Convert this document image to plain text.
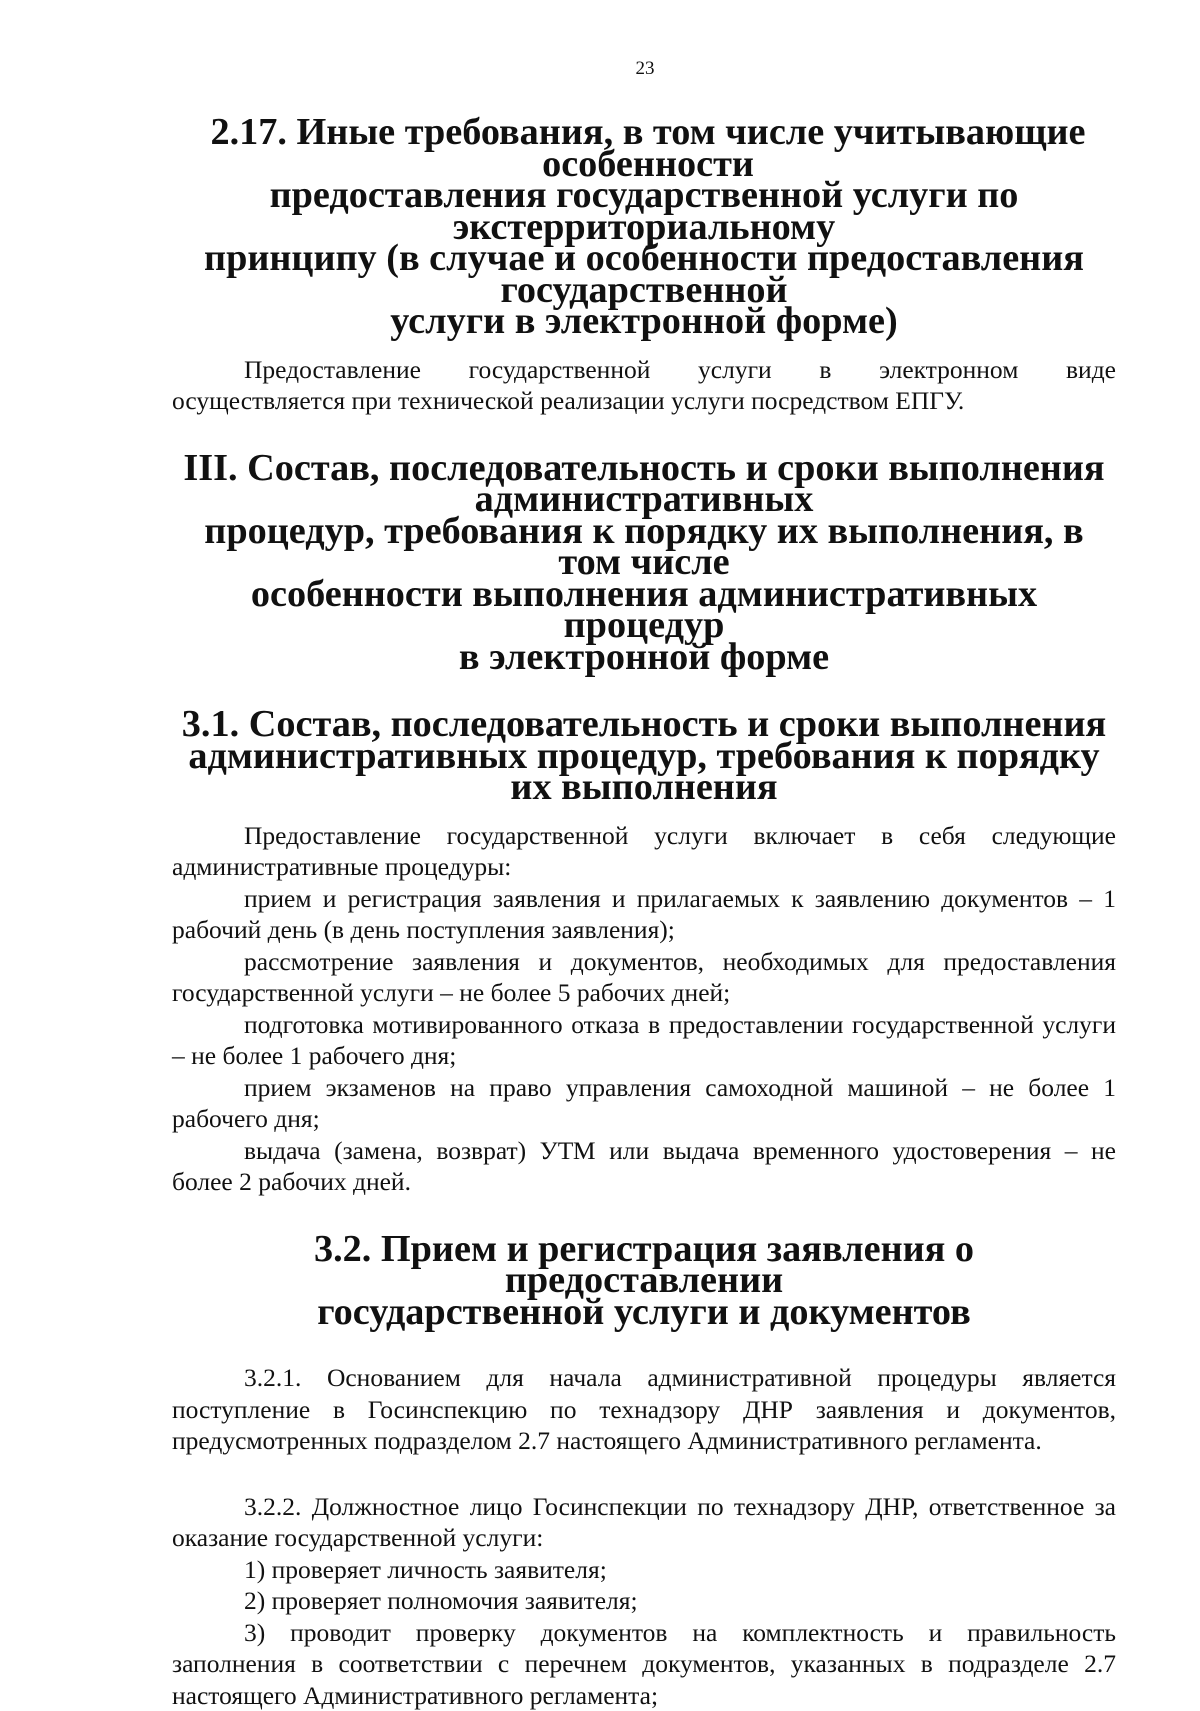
23
2.17. Иные требования, в том числе учитывающие особенности
предоставления государственной услуги по экстерриториальному
принципу (в случае и особенности предоставления государственной
услуги в электронной форме)

Предоставление государственной услуги в электронном виде

осуществляется при технической реализации услуги посредством ЕПГУ.

III. Состав, последовательность и сроки выполнения административных
процедур, требования к порядку их выполнения, в том числе
особенности выполнения административных процедур
в электронной форме
3.1. Состав, последовательность и сроки выполнения
административных процедур, требования к порядку их выполнения

Предоставление государственной услуги включает в себя следующие административные процедуры:

прием и регистрация заявления и прилагаемых к заявлению документов – 1 рабочий день (в день поступления заявления);

рассмотрение заявления и документов, необходимых для предоставления государственной услуги – не более 5 рабочих дней;

подготовка мотивированного отказа в предоставлении государственной услуги – не более 1 рабочего дня;

прием экзаменов на право управления самоходной машиной – не более 1 рабочего дня;

выдача (замена, возврат) УТМ или выдача временного удостоверения – не более 2 рабочих дней.

3.2. Прием и регистрация заявления о предоставлении
государственной услуги и документов

3.2.1. Основанием для начала административной процедуры является поступление в Госинспекцию по технадзору ДНР заявления и документов, предусмотренных подразделом 2.7 настоящего Административного регламента.

3.2.2. Должностное лицо Госинспекции по технадзору ДНР, ответственное за оказание государственной услуги:

1) проверяет личность заявителя;

2) проверяет полномочия заявителя;

3) проводит проверку документов на комплектность и правильность заполнения в соответствии с перечнем документов, указанных в подразделе 2.7 настоящего Административного регламента;
